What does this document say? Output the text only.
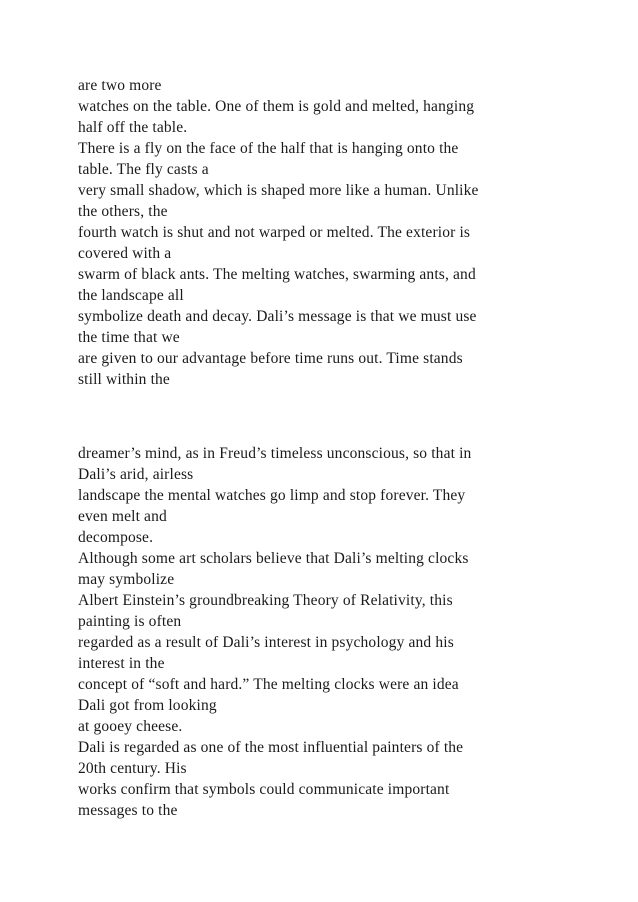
are two more
watches on the table. One of them is gold and melted, hanging
half off the table.
There is a fly on the face of the half that is hanging onto the
table. The fly casts a
very small shadow, which is shaped more like a human. Unlike
the others, the
fourth watch is shut and not warped or melted. The exterior is
covered with a
swarm of black ants. The melting watches, swarming ants, and
the landscape all
symbolize death and decay. Dali’s message is that we must use
the time that we
are given to our advantage before time runs out. Time stands
still within the
dreamer’s mind, as in Freud’s timeless unconscious, so that in
Dali’s arid, airless
landscape the mental watches go limp and stop forever. They
even melt and
decompose.
Although some art scholars believe that Dali’s melting clocks
may symbolize
Albert Einstein’s groundbreaking Theory of Relativity, this
painting is often
regarded as a result of Dali’s interest in psychology and his
interest in the
concept of “soft and hard.” The melting clocks were an idea
Dali got from looking
at gooey cheese.
Dali is regarded as one of the most influential painters of the
20th century. His
works confirm that symbols could communicate important
messages to the
